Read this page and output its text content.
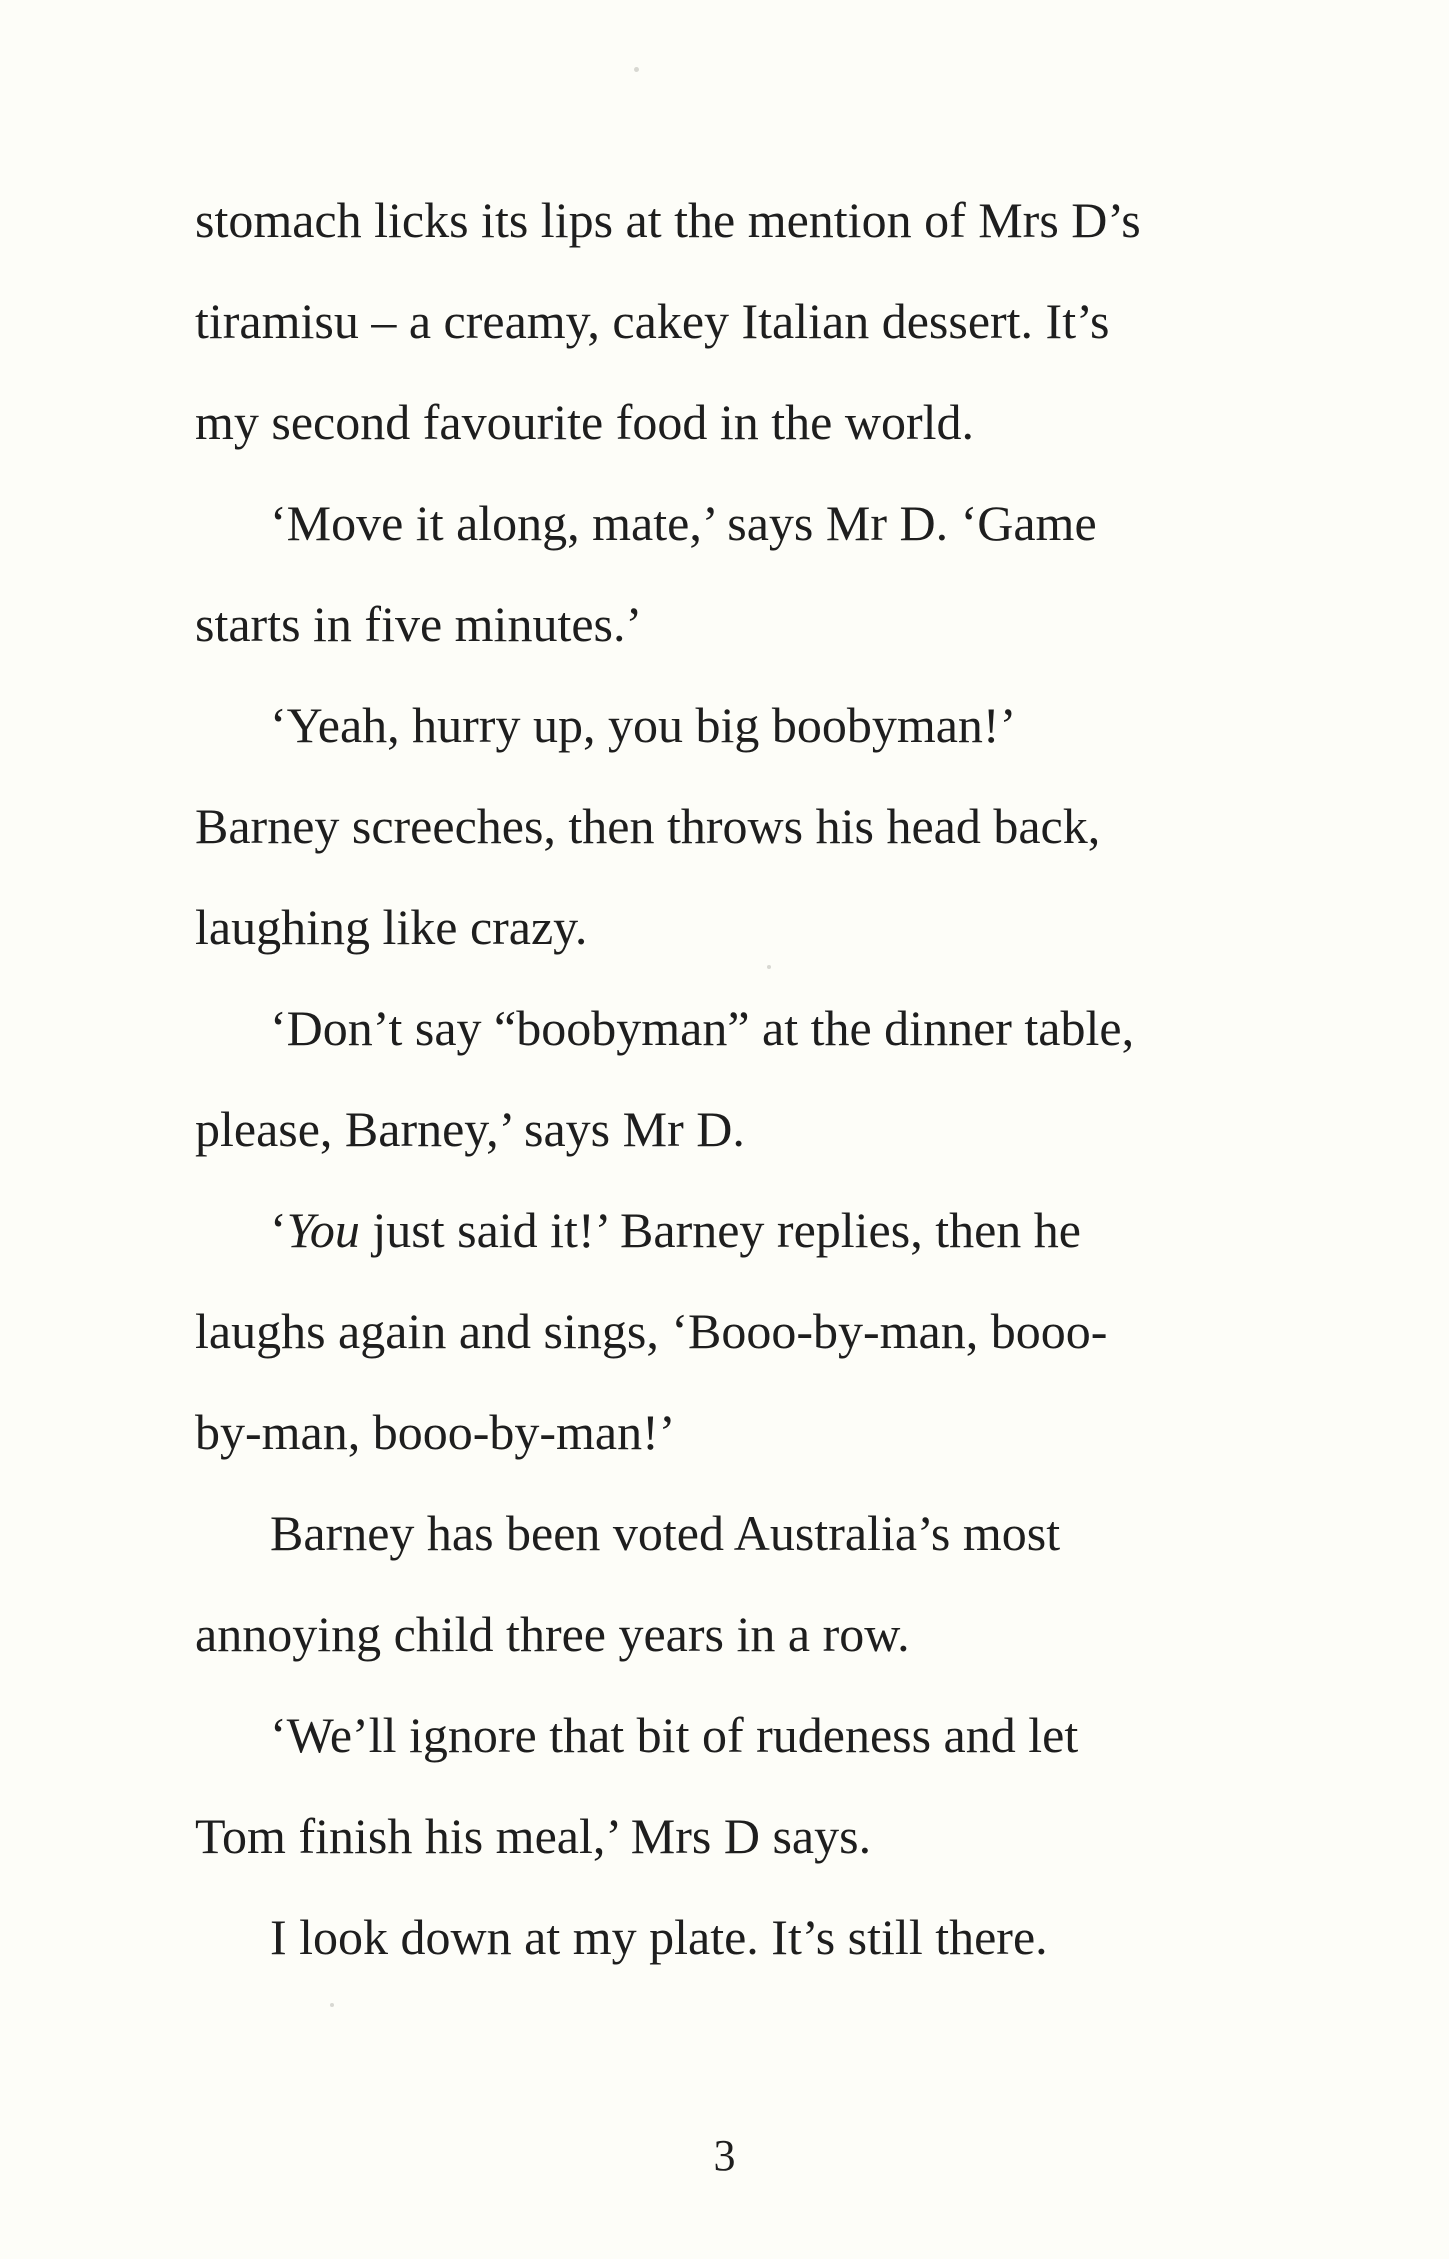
stomach licks its lips at the mention of Mrs D’s
tiramisu – a creamy, cakey Italian dessert. It’s
my second favourite food in the world.
‘Move it along, mate,’ says Mr D. ‘Game
starts in five minutes.’
‘Yeah, hurry up, you big boobyman!’
Barney screeches, then throws his head back,
laughing like crazy.
‘Don’t say “boobyman” at the dinner table,
please, Barney,’ says Mr D.
‘You just said it!’ Barney replies, then he
laughs again and sings, ‘Booo-by-man, booo-
by-man, booo-by-man!’
Barney has been voted Australia’s most
annoying child three years in a row.
‘We’ll ignore that bit of rudeness and let
Tom finish his meal,’ Mrs D says.
I look down at my plate. It’s still there.
3
